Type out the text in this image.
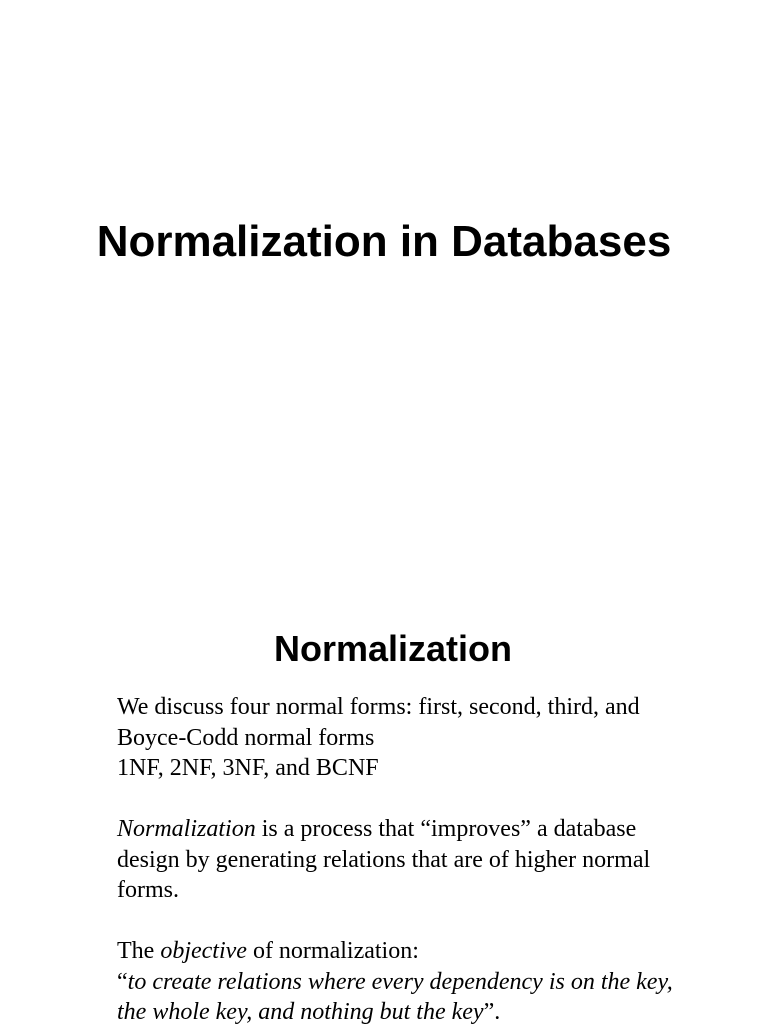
Normalization in Databases
Normalization

We discuss four normal forms: first, second, third, and

Boyce-Codd normal forms

1NF, 2NF, 3NF, and BCNF

Normalization is a process that “improves” a database

design by generating relations that are of higher normal

forms.

The objective of normalization:

“to create relations where every dependency is on the key,

the whole key, and nothing but the key”.
